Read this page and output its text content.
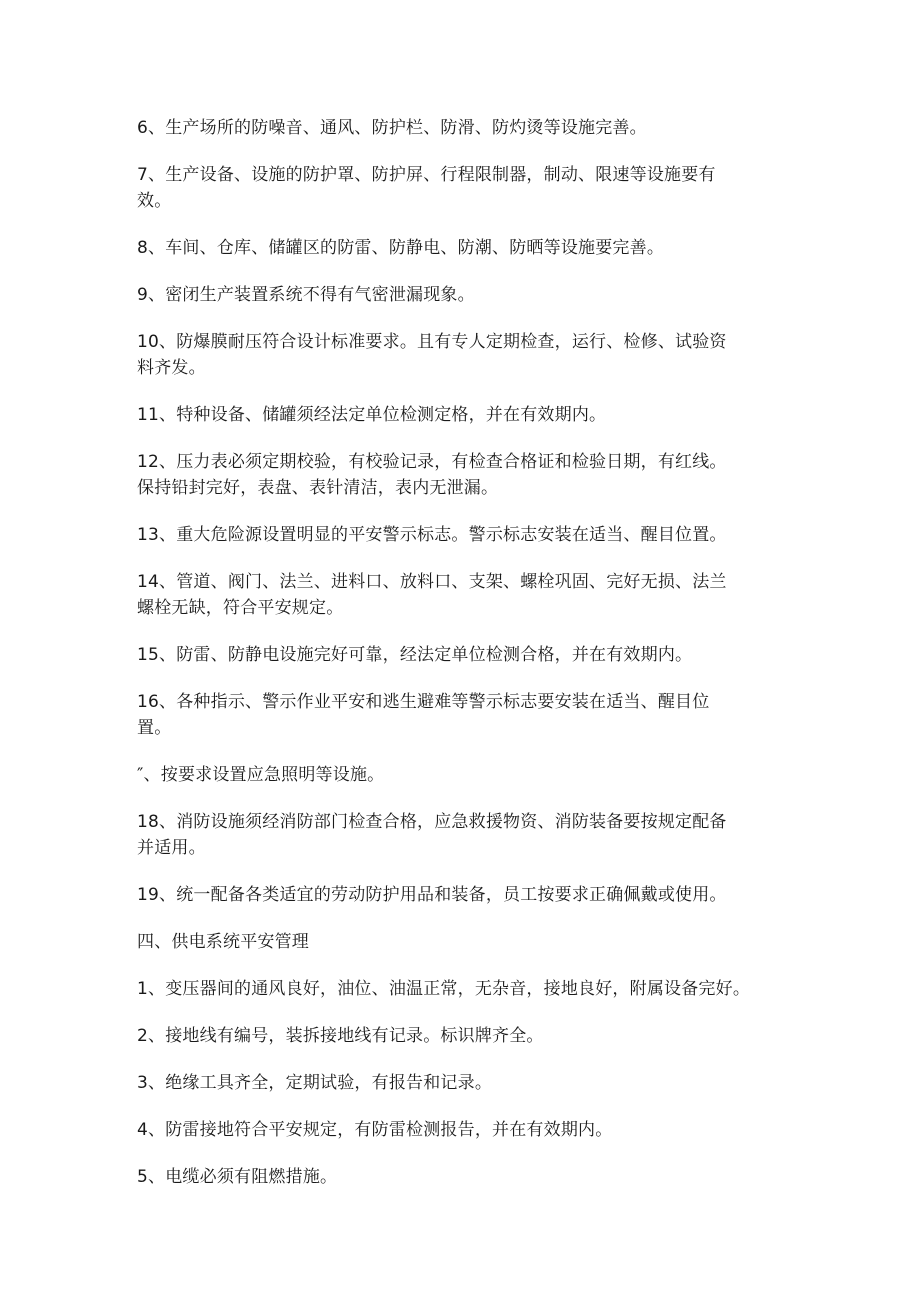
6、生产场所的防噪音、通风、防护栏、防滑、防灼烫等设施完善。

7、生产设备、设施的防护罩、防护屏、行程限制器，制动、限速等设施要有
效。

8、车间、仓库、储罐区的防雷、防静电、防潮、防晒等设施要完善。

9、密闭生产装置系统不得有气密泄漏现象。

10、防爆膜耐压符合设计标准要求。且有专人定期检查，运行、检修、试验资
料齐发。

11、特种设备、储罐须经法定单位检测定格，并在有效期内。

12、压力表必须定期校验，有校验记录，有检查合格证和检验日期，有红线。
保持铅封完好，表盘、表针清洁，表内无泄漏。

13、重大危险源设置明显的平安警示标志。警示标志安装在适当、醒目位置。

14、管道、阀门、法兰、进料口、放料口、支架、螺栓巩固、完好无损、法兰
螺栓无缺，符合平安规定。

15、防雷、防静电设施完好可靠，经法定单位检测合格，并在有效期内。

16、各种指示、警示作业平安和逃生避难等警示标志要安装在适当、醒目位
置。

″、按要求设置应急照明等设施。

18、消防设施须经消防部门检查合格，应急救援物资、消防装备要按规定配备
并适用。

19、统一配备各类适宜的劳动防护用品和装备，员工按要求正确佩戴或使用。

四、供电系统平安管理

1、变压器间的通风良好，油位、油温正常，无杂音，接地良好，附属设备完好。

2、接地线有编号，装拆接地线有记录。标识牌齐全。

3、绝缘工具齐全，定期试验，有报告和记录。

4、防雷接地符合平安规定，有防雷检测报告，并在有效期内。

5、电缆必须有阻燃措施。
